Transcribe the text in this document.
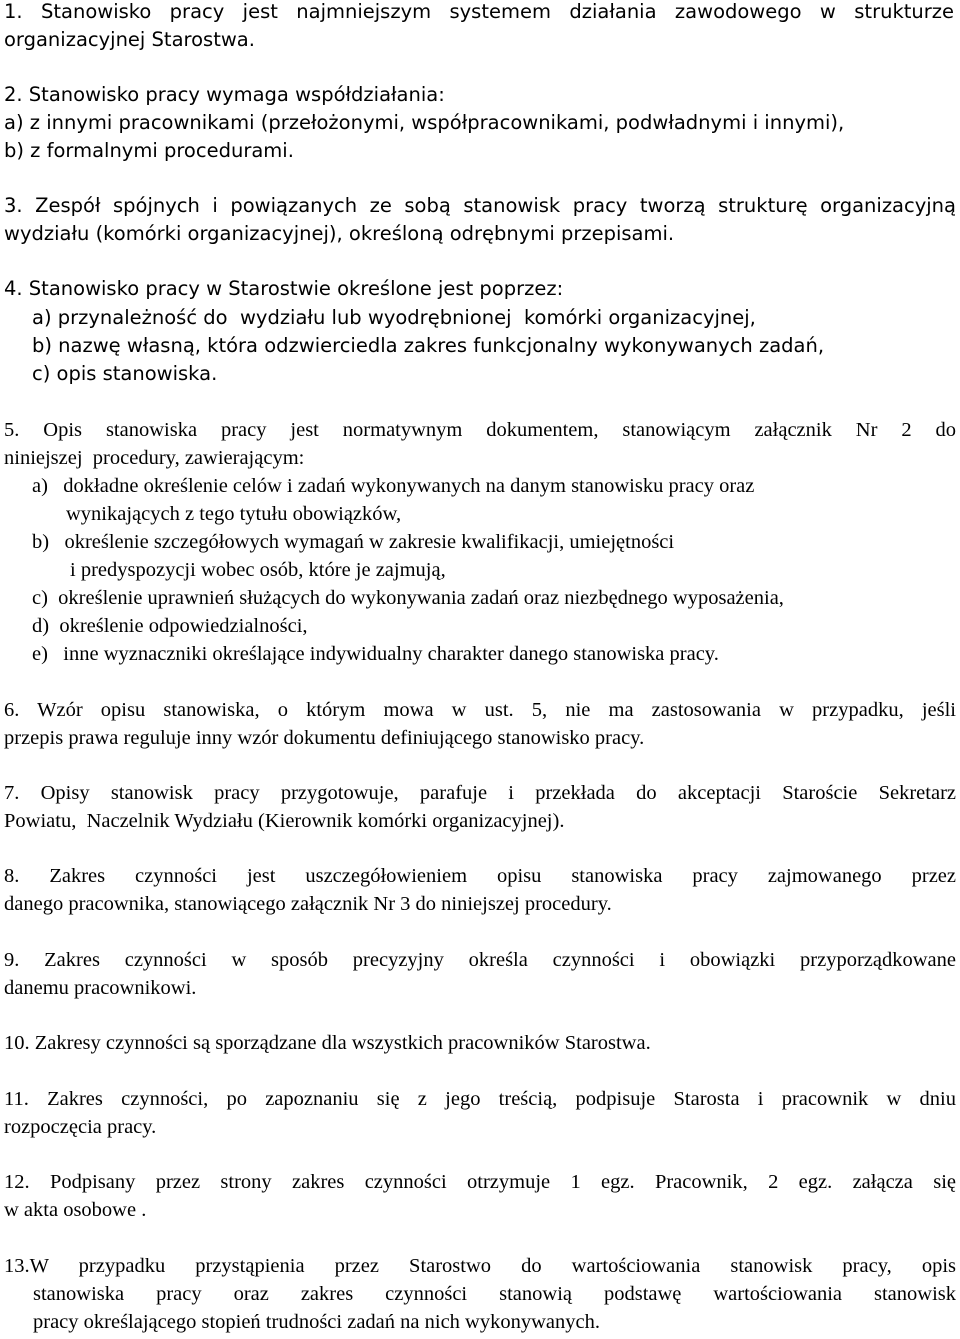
1. Stanowisko pracy jest najmniejszym systemem działania zawodowego w strukturze
organizacyjnej Starostwa.
2. Stanowisko pracy wymaga współdziałania:
a) z innymi pracownikami (przełożonymi, współpracownikami, podwładnymi i innymi),
b) z formalnymi procedurami.
3. Zespół spójnych i powiązanych ze sobą stanowisk pracy tworzą strukturę organizacyjną
wydziału (komórki organizacyjnej), określoną odrębnymi przepisami.
4. Stanowisko pracy w Starostwie określone jest poprzez:
a) przynależność do  wydziału lub wyodrębnionej  komórki organizacyjnej,
b) nazwę własną, która odzwierciedla zakres funkcjonalny wykonywanych zadań,
c) opis stanowiska.
5. Opis stanowiska pracy jest normatywnym dokumentem, stanowiącym załącznik Nr 2 do
niniejszej  procedury, zawierającym:
a)   dokładne określenie celów i zadań wykonywanych na danym stanowisku pracy oraz
wynikających z tego tytułu obowiązków,
b)   określenie szczegółowych wymagań w zakresie kwalifikacji, umiejętności
i predyspozycji wobec osób, które je zajmują,
c)  określenie uprawnień służących do wykonywania zadań oraz niezbędnego wyposażenia,
d)  określenie odpowiedzialności,
e)   inne wyznaczniki określające indywidualny charakter danego stanowiska pracy.
6. Wzór opisu stanowiska, o którym mowa w ust. 5, nie ma zastosowania w przypadku, jeśli
przepis prawa reguluje inny wzór dokumentu definiującego stanowisko pracy.
7. Opisy stanowisk pracy przygotowuje, parafuje i przekłada do akceptacji Staroście Sekretarz
Powiatu,  Naczelnik Wydziału (Kierownik komórki organizacyjnej).
8. Zakres czynności jest uszczegółowieniem opisu stanowiska pracy zajmowanego przez
danego pracownika, stanowiącego załącznik Nr 3 do niniejszej procedury.
9. Zakres czynności w sposób precyzyjny określa czynności i obowiązki przyporządkowane
danemu pracownikowi.
10. Zakresy czynności są sporządzane dla wszystkich pracowników Starostwa.
11. Zakres czynności, po zapoznaniu się z jego treścią, podpisuje Starosta i pracownik w dniu
rozpoczęcia pracy.
12. Podpisany przez strony zakres czynności otrzymuje 1 egz. Pracownik, 2 egz. załącza się
w akta osobowe .
13.W przypadku przystąpienia przez Starostwo do wartościowania stanowisk pracy, opis
stanowiska pracy oraz zakres czynności stanowią podstawę wartościowania stanowisk
pracy określającego stopień trudności zadań na nich wykonywanych.
